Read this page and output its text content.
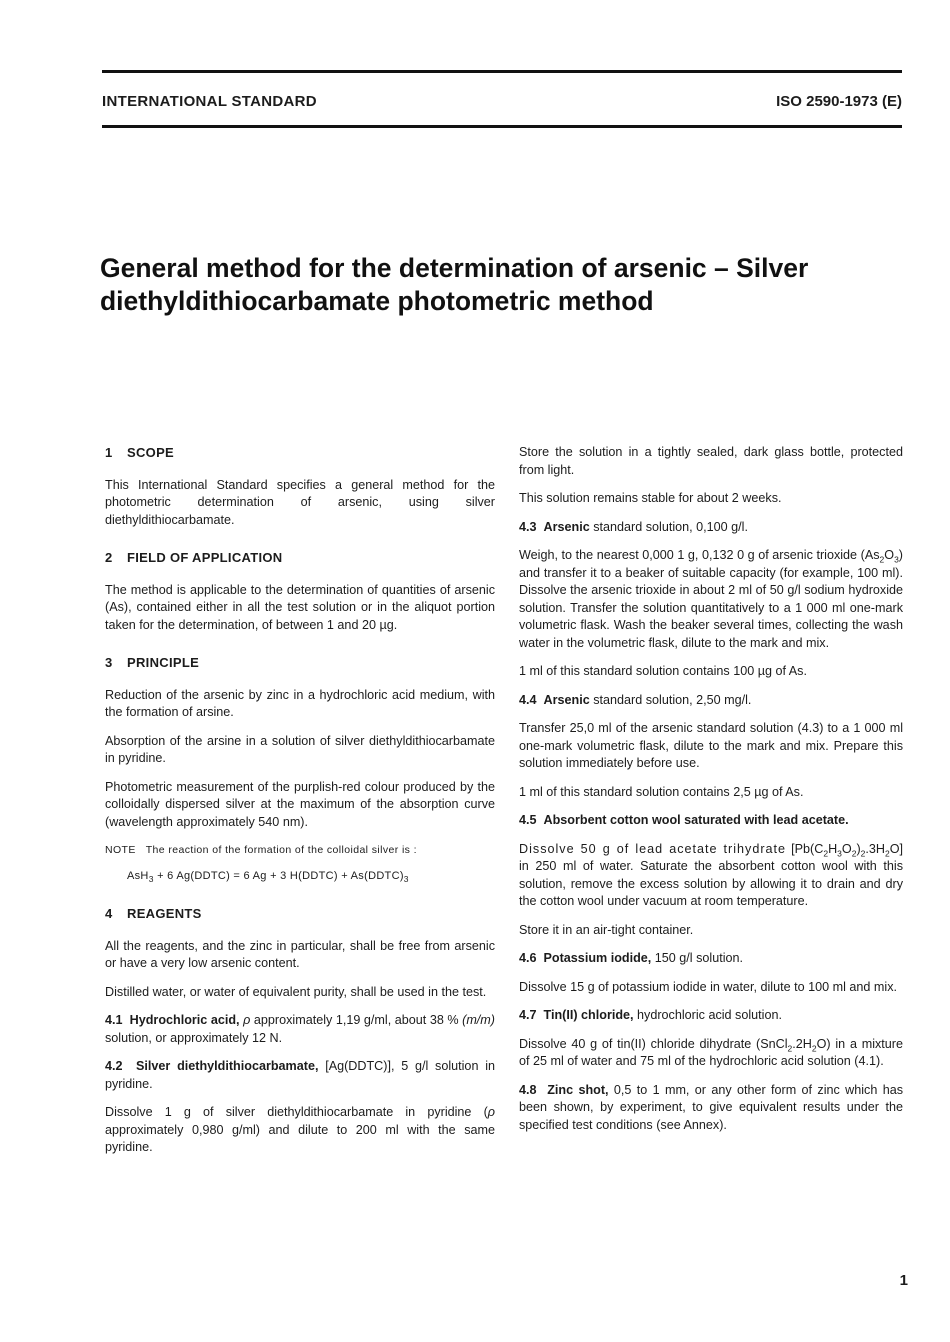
INTERNATIONAL STANDARD	ISO 2590-1973 (E)
General method for the determination of arsenic – Silver
diethyldithiocarbamate photometric method
1 SCOPE

This International Standard specifies a general method for the photometric determination of arsenic, using silver diethyldithiocarbamate.

2 FIELD OF APPLICATION

The method is applicable to the determination of quantities of arsenic (As), contained either in all the test solution or in the aliquot portion taken for the determination, of between 1 and 20 µg.

3 PRINCIPLE

Reduction of the arsenic by zinc in a hydrochloric acid medium, with the formation of arsine.

Absorption of the arsine in a solution of silver diethyldithiocarbamate in pyridine.

Photometric measurement of the purplish-red colour produced by the colloidally dispersed silver at the maximum of the absorption curve (wavelength approximately 540 nm).

NOTE The reaction of the formation of the colloidal silver is :
AsH$_3$ + 6 Ag(DDTC) = 6 Ag + 3 H(DDTC) + $As(DDTC)_3$
4 REAGENTS

All the reagents, and the zinc in particular, shall be free from arsenic or have a very low arsenic content.

Distilled water, or water of equivalent purity, shall be used in the test.

4.1 Hydrochloric acid, ρ approximately 1,19 g/ml, about 38 % (m/m) solution, or approximately 12 N.

4.2 Silver diethyldithiocarbamate, [Ag(DDTC)], 5 g/l solution in pyridine.

Dissolve 1 g of silver diethyldithiocarbamate in pyridine (ρ approximately 0,980 g/ml) and dilute to 200 ml with the same pyridine.

Store the solution in a tightly sealed, dark glass bottle, protected from light.

This solution remains stable for about 2 weeks.

4.3 Arsenic standard solution, 0,100 g/l.

Weigh, to the nearest 0,000 1 g, 0,132 0 g of arsenic trioxide $(As_2O_3)$ and transfer it to a beaker of suitable capacity (for example, 100 ml). Dissolve the arsenic trioxide in about 2 ml of 50 g/l sodium hydroxide solution. Transfer the solution quantitatively to a 1 000 ml one-mark volumetric flask. Wash the beaker several times, collecting the wash water in the volumetric flask, dilute to the mark and mix.

1 ml of this standard solution contains 100 µg of As.

4.4 Arsenic standard solution, 2,50 mg/l.

Transfer 25,0 ml of the arsenic standard solution (4.3) to a 1 000 ml one-mark volumetric flask, dilute to the mark and mix. Prepare this solution immediately before use.

1 ml of this standard solution contains 2,5 µg of As.

4.5 Absorbent cotton wool saturated with lead acetate.

Dissolve 50 g of lead acetate trihydrate $[Pb(C_2H_3O_2)_2.3H_2O]$ in 250 ml of water. Saturate the absorbent cotton wool with this solution, remove the excess solution by allowing it to drain and dry the cotton wool under vacuum at room temperature.

Store it in an air-tight container.

4.6 Potassium iodide, 150 g/l solution.

Dissolve 15 g of potassium iodide in water, dilute to 100 ml and mix.

4.7 Tin(II) chloride, hydrochloric acid solution.

Dissolve 40 g of tin(II) chloride dihydrate $(SnCl_2.2H_2O)$ in a mixture of 25 ml of water and 75 ml of the hydrochloric acid solution (4.1).

4.8 Zinc shot, 0,5 to 1 mm, or any other form of zinc which has been shown, by experiment, to give equivalent results under the specified test conditions (see Annex).

1
